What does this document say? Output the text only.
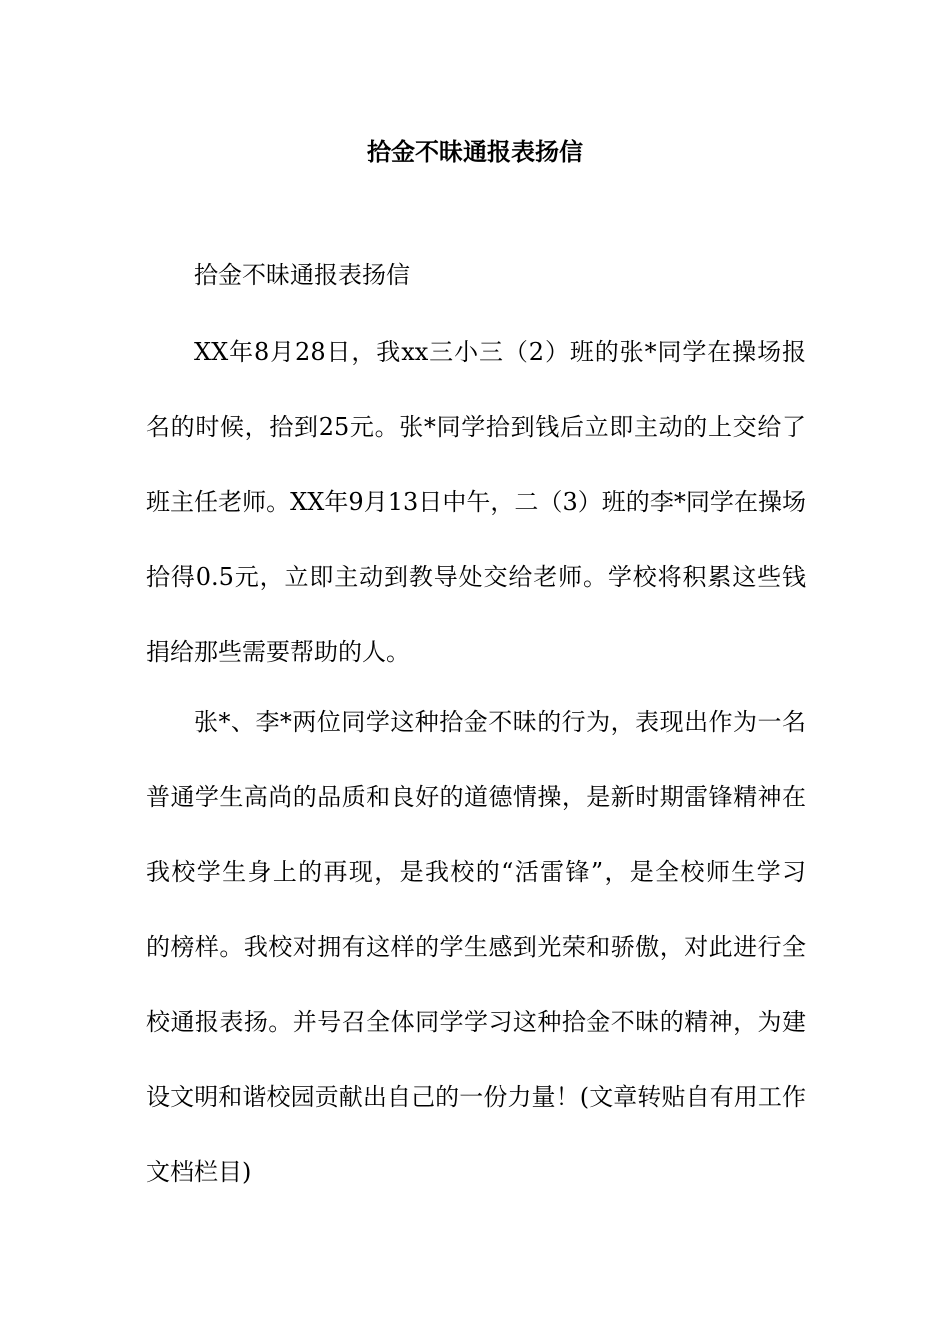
拾金不昧通报表扬信
拾金不昧通报表扬信
XX年8月28日，我xx三小三（2）班的张*同学在操场报
名的时候，拾到25元。张*同学拾到钱后立即主动的上交给了
班主任老师。XX年9月13日中午，二（3）班的李*同学在操场
拾得0.5元，立即主动到教导处交给老师。学校将积累这些钱
捐给那些需要帮助的人。
张*、李*两位同学这种拾金不昧的行为，表现出作为一名
普通学生高尚的品质和良好的道德情操，是新时期雷锋精神在
我校学生身上的再现，是我校的“活雷锋”，是全校师生学习
的榜样。我校对拥有这样的学生感到光荣和骄傲，对此进行全
校通报表扬。并号召全体同学学习这种拾金不昧的精神，为建
设文明和谐校园贡献出自己的一份力量！(文章转贴自有用工作
文档栏目)
